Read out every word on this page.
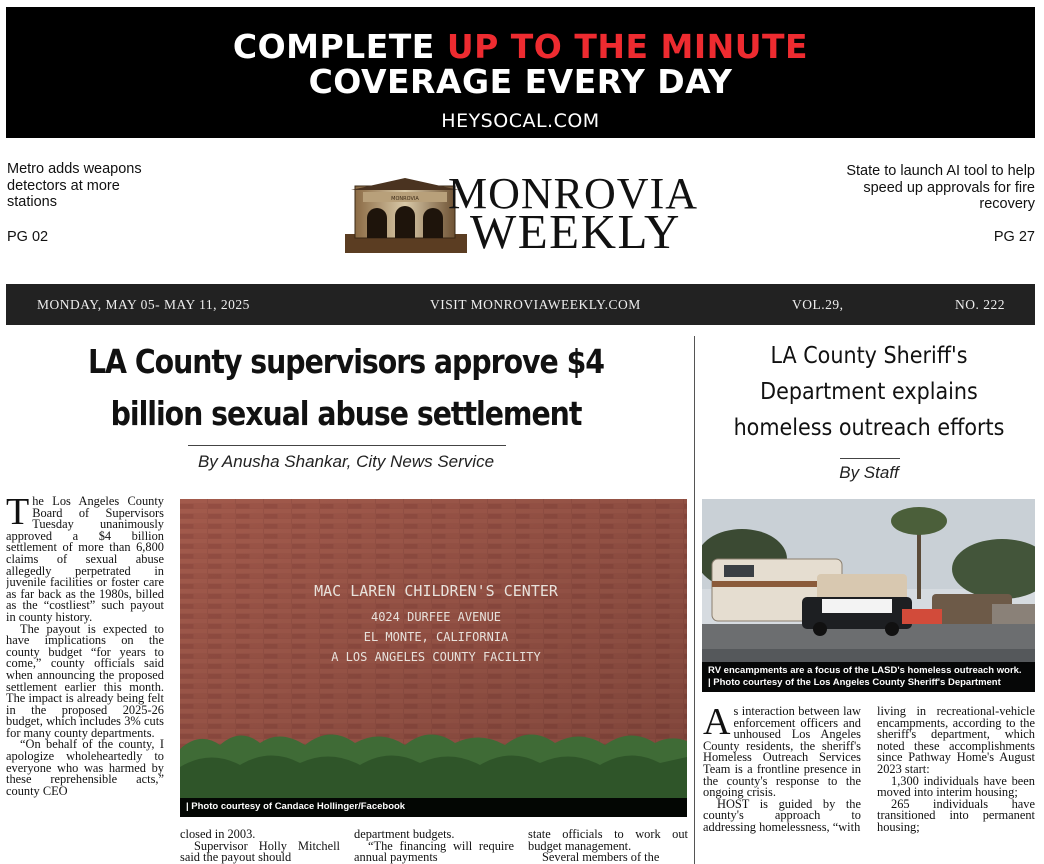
COMPLETE UP TO THE MINUTE
COVERAGE EVERY DAY
HEYSOCAL.COM
Metro adds weapons detectors at more stations
PG 02
State to launch AI tool to help speed up approvals for fire recovery
PG 27
MONROVIA MONROVIA
WEEKLY
MONDAY, MAY 05- MAY 11, 2025	VISIT MONROVIAWEEKLY.COM	VOL.29,	NO. 222
LA County supervisors approve $4 billion sexual abuse settlement
By Anusha Shankar, City News Service

The Los Angeles County Board of Supervisors Tuesday unanimously approved a $4 billion settlement of more than 6,800 claims of sexual abuse allegedly perpetrated in juvenile facilities or foster care as far back as the 1980s, billed as the “costliest” such payout in county history.

The payout is expected to have implications on the county budget “for years to come,” county officials said when announcing the proposed settlement earlier this month. The impact is already being felt in the proposed 2025-26 budget, which includes 3% cuts for many county departments.

“On behalf of the county, I apologize wholeheartedly to everyone who was harmed by these reprehensible acts,” county CEO

MAC LAREN CHILDREN'S CENTER
4024 DURFEE AVENUE
EL MONTE, CALIFORNIA
A LOS ANGELES COUNTY FACILITY
| Photo courtesy of Candace Hollinger/Facebook

closed in 2003.

Supervisor Holly Mitchell said the payout should

department budgets.

“The financing will require annual payments

state officials to work out budget management.

Several members of the

LA County Sheriff's Department explains homeless outreach efforts
By Staff
RV encampments are a focus of the LASD's homeless outreach work.
| Photo courtesy of the Los Angeles County Sheriff's Department

As interaction between law enforcement officers and unhoused Los Angeles County residents, the sheriff's Homeless Outreach Services Team is a frontline presence in the county's response to the ongoing crisis.

HOST is guided by the county's approach to addressing homelessness, “with

living in recreational-vehicle encampments, according to the sheriff's department, which noted these accomplishments since Pathway Home's August 2023 start:

1,300 individuals have been moved into interim housing;

265 individuals have transitioned into permanent housing;
